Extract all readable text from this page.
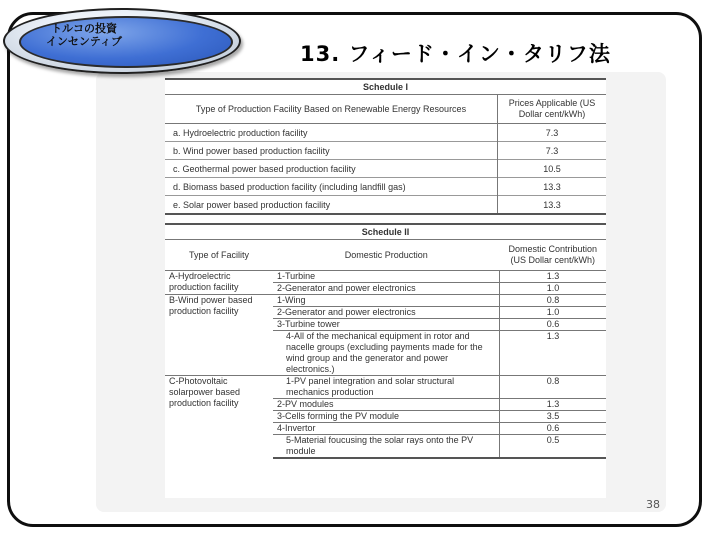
トルコの投資
インセンティブ
13. フィード・イン・タリフ法
Schedule I	
Type of Production Facility Based on Renewable Energy Resources	Prices Applicable (US Dollar cent/kWh)
a. Hydroelectric production facility	7.3
b. Wind power based production facility	7.3
c. Geothermal power based production facility	10.5
d. Biomass based production facility (including landfill gas)	13.3
e. Solar power based production facility	13.3
Schedule II		
Type of Facility	Domestic Production	Domestic Contribution (US Dollar cent/kWh)
A-Hydroelectric production facility	1-Turbine	1.3
	2-Generator and power electronics	1.0
B-Wind power based production facility	1-Wing	0.8
	2-Generator and power electronics	1.0
	3-Turbine tower	0.6

	4-All of the mechanical equipment in rotor and nacelle groups (excluding payments made for the wind group and the generator and power electronics.)	1.3
C-Photovoltaic solarpower based production facility	1-PV panel integration and solar structural mechanics production	0.8
	2-PV modules	1.3
	3-Cells forming the PV module	3.5
	4-Invertor	0.6

	5-Material foucusing the solar rays onto the PV module	0.5
38
